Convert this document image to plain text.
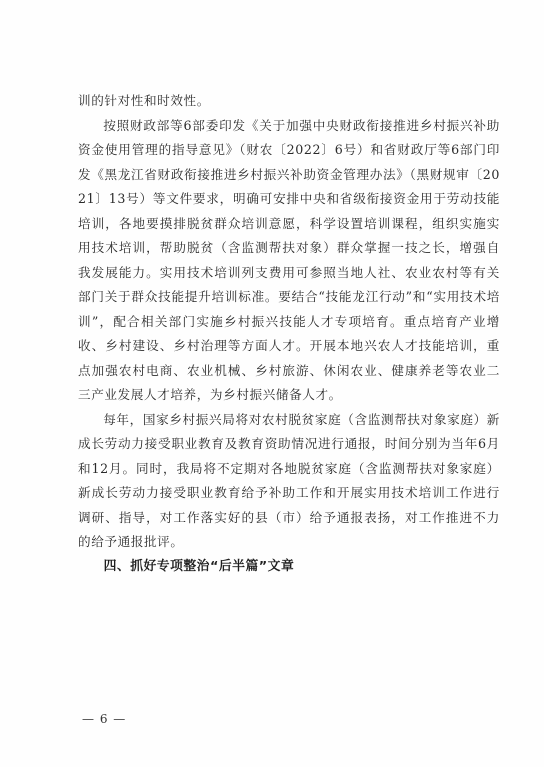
训的针对性和时效性。

按照财政部等6部委印发《关于加强中央财政衔接推进乡村振兴补助资金使用管理的指导意见》（财农〔2022〕6号）和省财政厅等6部门印发《黑龙江省财政衔接推进乡村振兴补助资金管理办法》（黑财规审〔2021〕13号）等文件要求，明确可安排中央和省级衔接资金用于劳动技能培训，各地要摸排脱贫群众培训意愿，科学设置培训课程，组织实施实用技术培训，帮助脱贫（含监测帮扶对象）群众掌握一技之长，增强自我发展能力。实用技术培训列支费用可参照当地人社、农业农村等有关部门关于群众技能提升培训标准。要结合“技能龙江行动”和“实用技术培训”，配合相关部门实施乡村振兴技能人才专项培育。重点培育产业增收、乡村建设、乡村治理等方面人才。开展本地兴农人才技能培训，重点加强农村电商、农业机械、乡村旅游、休闲农业、健康养老等农业二三产业发展人才培养，为乡村振兴储备人才。

每年，国家乡村振兴局将对农村脱贫家庭（含监测帮扶对象家庭）新成长劳动力接受职业教育及教育资助情况进行通报，时间分别为当年6月和12月。同时，我局将不定期对各地脱贫家庭（含监测帮扶对象家庭）新成长劳动力接受职业教育给予补助工作和开展实用技术培训工作进行调研、指导，对工作落实好的县（市）给予通报表扬，对工作推进不力的给予通报批评。

四、抓好专项整治“后半篇”文章

— 6 —
